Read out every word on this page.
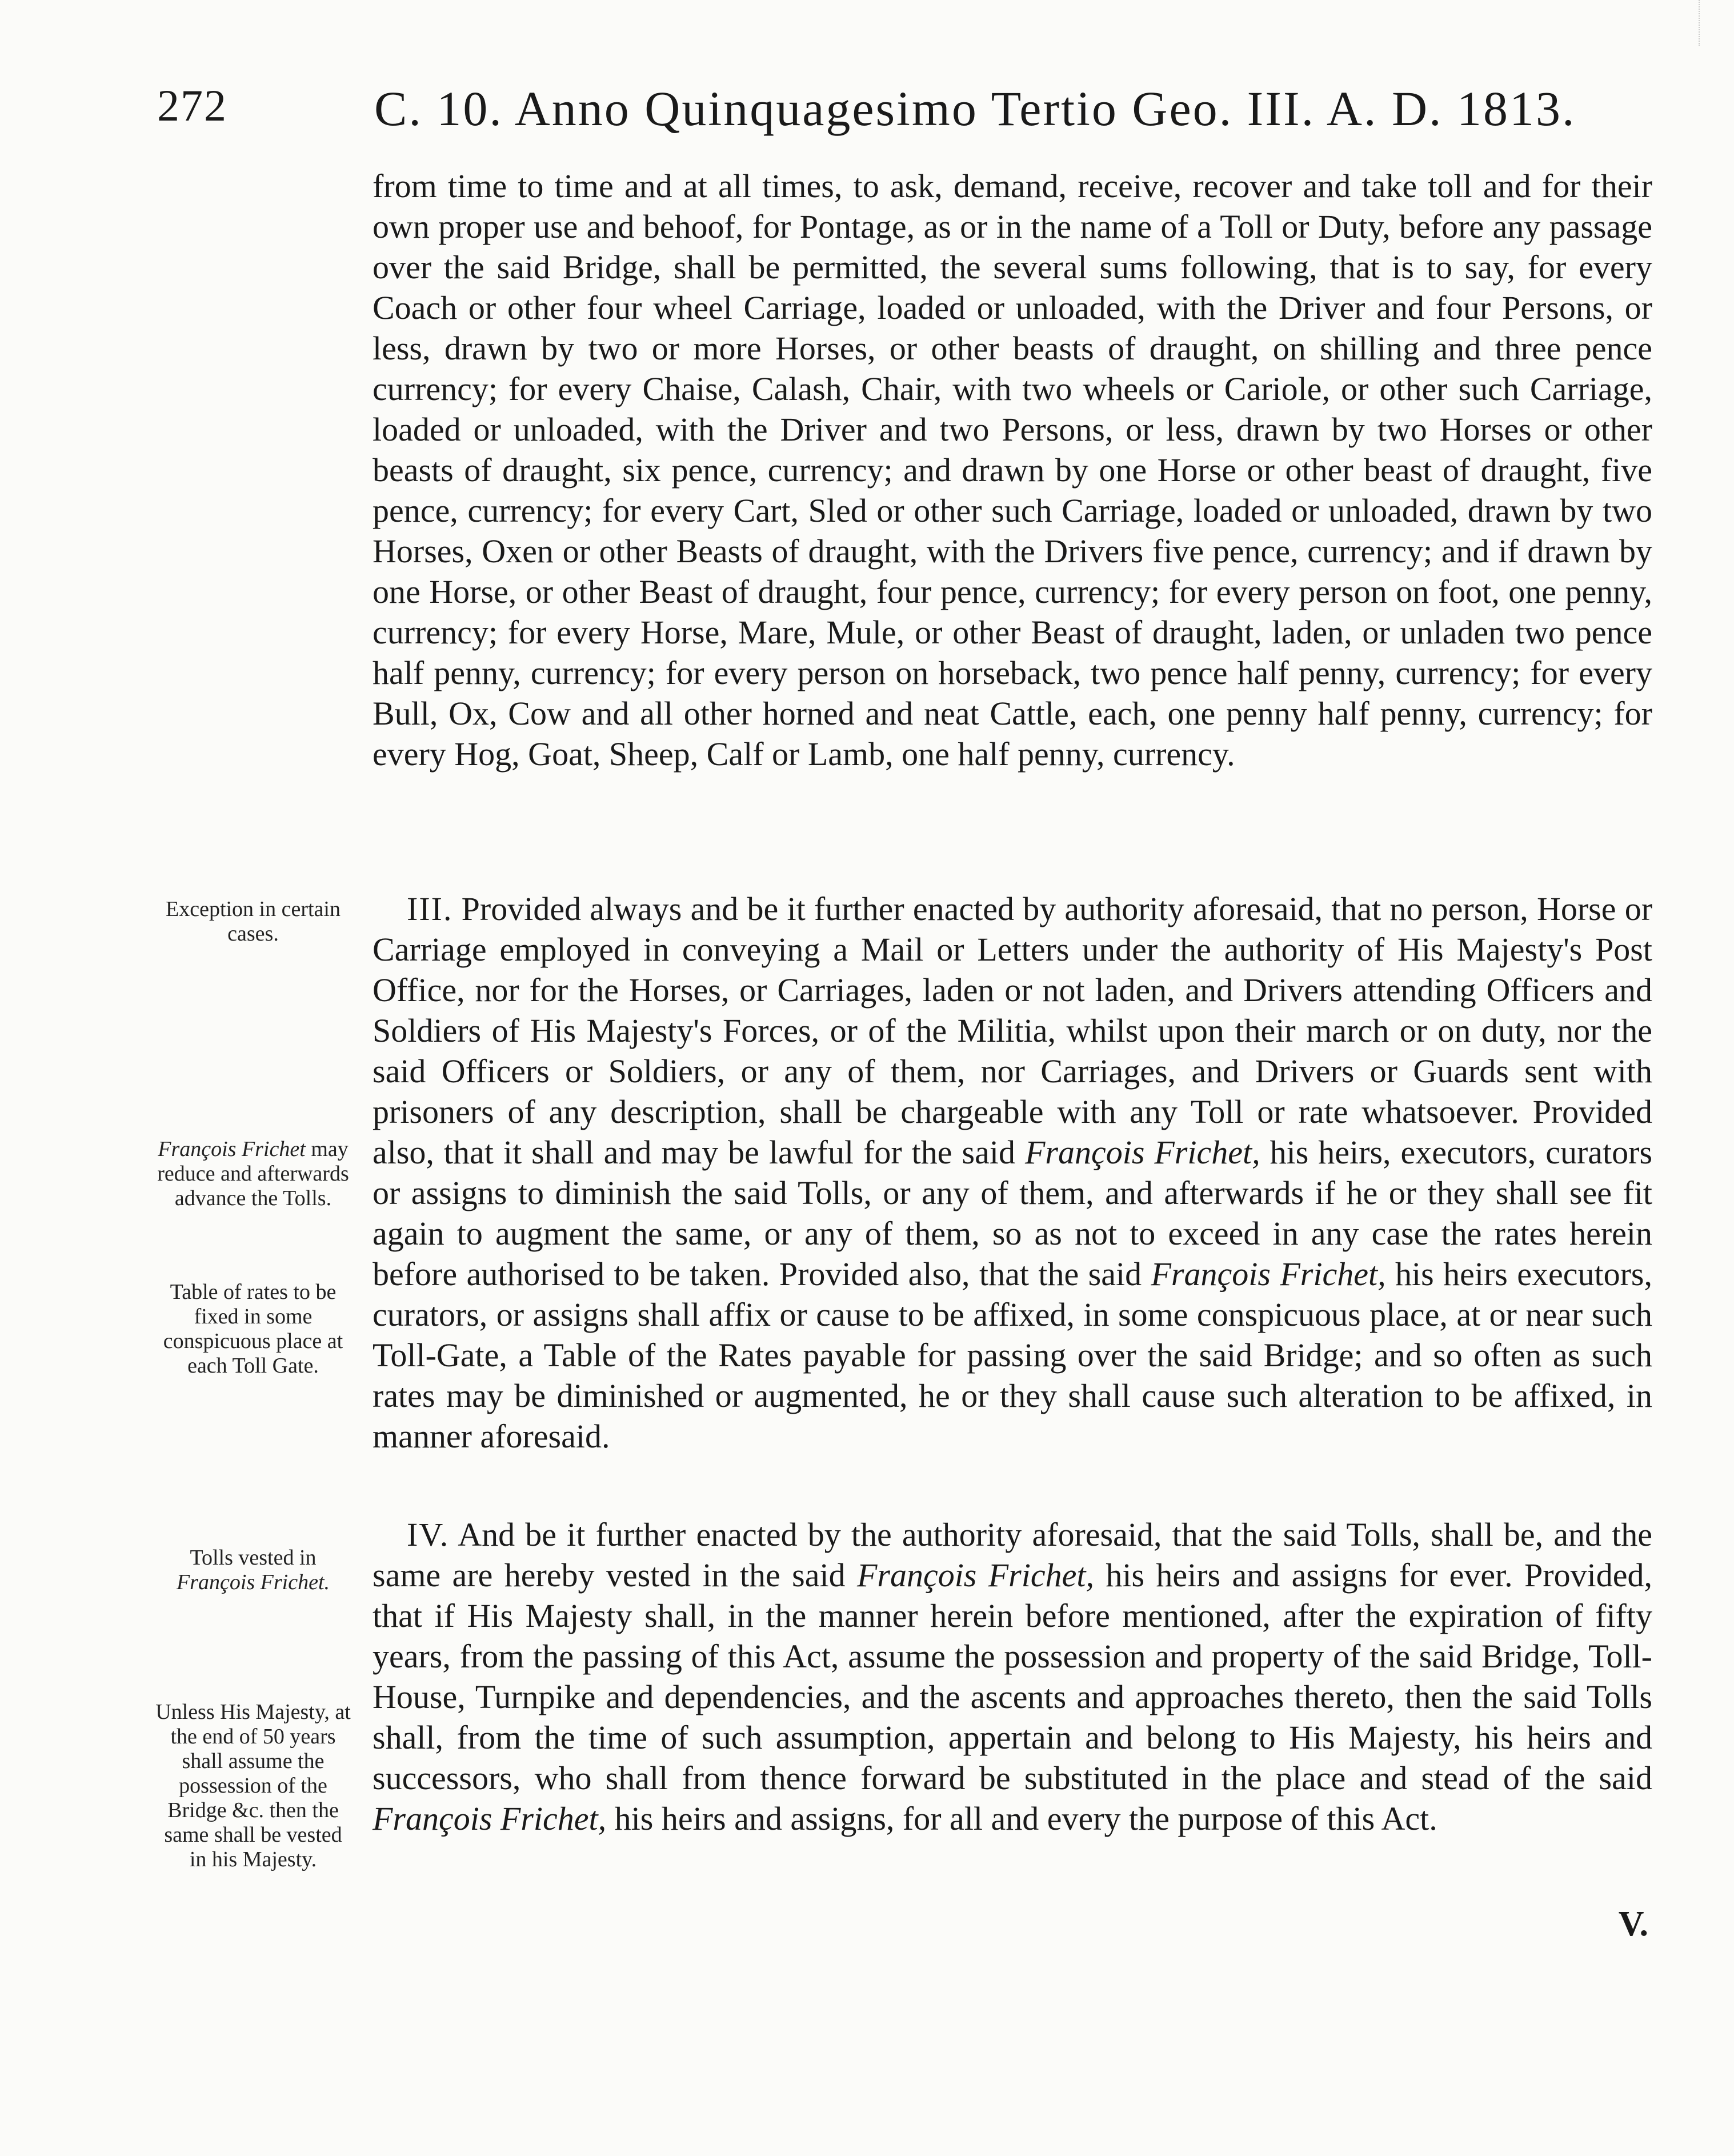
272	C. 10. Anno Quinquagesimo Tertio Geo. III. A. D. 1813.

from time to time and at all times, to ask, demand, receive, recover and take toll and for their own proper use and behoof, for Pontage, as or in the name of a Toll or Duty, before any passage over the said Bridge, shall be permitted, the several sums following, that is to say, for every Coach or other four wheel Carriage, loaded or unloaded, with the Driver and four Persons, or less, drawn by two or more Horses, or other beasts of draught, on shilling and three pence currency; for every Chaise, Calash, Chair, with two wheels or Cariole, or other such Carriage, loaded or unloaded, with the Driver and two Persons, or less, drawn by two Horses or other beasts of draught, six pence, currency; and drawn by one Horse or other beast of draught, five pence, currency; for every Cart, Sled or other such Carriage, loaded or unloaded, drawn by two Horses, Oxen or other Beasts of draught, with the Drivers five pence, currency; and if drawn by one Horse, or other Beast of draught, four pence, currency; for every person on foot, one penny, currency; for every Horse, Mare, Mule, or other Beast of draught, laden, or unladen two pence half penny, currency; for every person on horseback, two pence half penny, currency; for every Bull, Ox, Cow and all other horned and neat Cattle, each, one penny half penny, currency; for every Hog, Goat, Sheep, Calf or Lamb, one half penny, currency.

III. Provided always and be it further enacted by authority aforesaid, that no person, Horse or Carriage employed in conveying a Mail or Letters under the authority of His Majesty's Post Office, nor for the Horses, or Carriages, laden or not laden, and Drivers attending Officers and Soldiers of His Majesty's Forces, or of the Militia, whilst upon their march or on duty, nor the said Officers or Soldiers, or any of them, nor Carriages, and Drivers or Guards sent with prisoners of any description, shall be chargeable with any Toll or rate whatsoever. Provided also, that it shall and may be lawful for the said François Frichet, his heirs, executors, curators or assigns to diminish the said Tolls, or any of them, and afterwards if he or they shall see fit again to augment the same, or any of them, so as not to exceed in any case the rates herein before authorised to be taken. Provided also, that the said François Frichet, his heirs executors, curators, or assigns shall affix or cause to be affixed, in some conspicuous place, at or near such Toll-Gate, a Table of the Rates payable for passing over the said Bridge; and so often as such rates may be diminished or augmented, he or they shall cause such alteration to be affixed, in manner aforesaid.

IV. And be it further enacted by the authority aforesaid, that the said Tolls, shall be, and the same are hereby vested in the said François Frichet, his heirs and assigns for ever. Provided, that if His Majesty shall, in the manner herein before mentioned, after the expiration of fifty years, from the passing of this Act, assume the possession and property of the said Bridge, Toll-House, Turnpike and dependencies, and the ascents and approaches thereto, then the said Tolls shall, from the time of such assumption, appertain and belong to His Majesty, his heirs and successors, who shall from thence forward be substituted in the place and stead of the said François Frichet, his heirs and assigns, for all and every the purpose of this Act.

Exception in certain cases.
François Frichet may reduce and afterwards advance the Tolls.
Table of rates to be fixed in some conspicuous place at each Toll Gate.
Tolls vested in
François Frichet.
Unless His Majesty, at the end of 50 years shall assume the possession of the Bridge &c. then the same shall be vested in his Majesty.
V.
